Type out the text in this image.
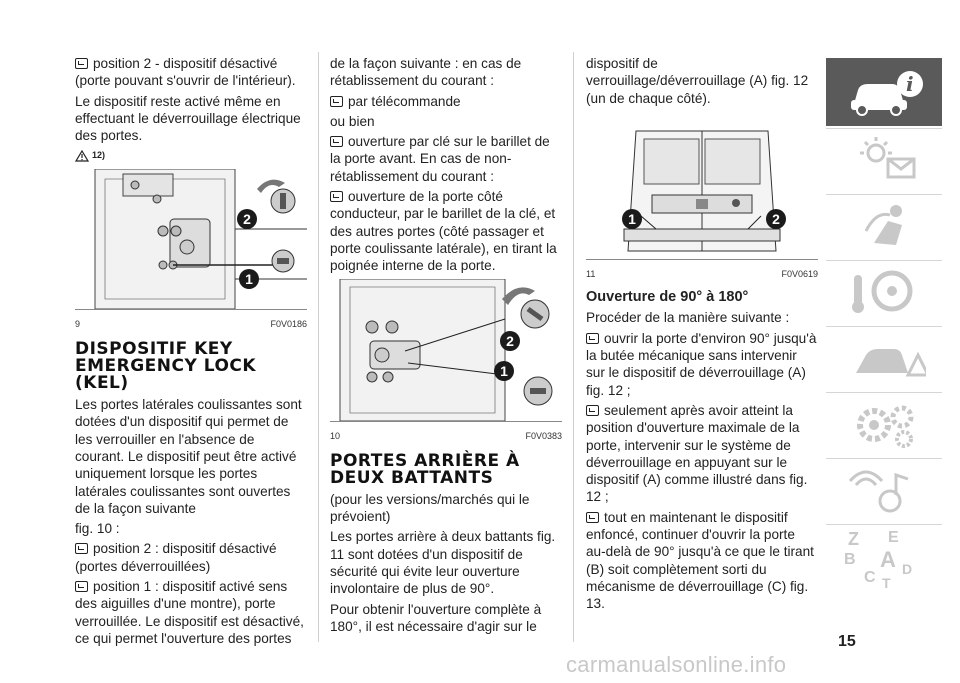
position 2 - dispositif désactivé (porte pouvant s'ouvrir de l'intérieur).

Le dispositif reste activé même en effectuant le déverrouillage électrique des portes.

12)
2
1
9	F0V0186
DISPOSITIF KEY EMERGENCY LOCK (KEL)

Les portes latérales coulissantes sont dotées d'un dispositif qui permet de les verrouiller en l'absence de courant. Le dispositif peut être activé uniquement lorsque les portes latérales coulissantes sont ouvertes de la façon suivante

fig. 10 :

position 2 : dispositif désactivé (portes déverrouillées)

position 1 : dispositif activé sens des aiguilles d'une montre), porte verrouillée. Le dispositif est désactivé, ce qui permet l'ouverture des portes

de la façon suivante : en cas de rétablissement du courant :

par télécommande

ou bien

ouverture par clé sur le barillet de la porte avant. En cas de non-rétablissement du courant :

ouverture de la porte côté conducteur, par le barillet de la clé, et des autres portes (côté passager et porte coulissante latérale), en tirant la poignée interne de la porte.

2
1
10	F0V0383
PORTES ARRIÈRE À DEUX BATTANTS

(pour les versions/marchés qui le prévoient)

Les portes arrière à deux battants fig. 11 sont dotées d'un dispositif de sécurité qui évite leur ouverture involontaire de plus de 90°.

Pour obtenir l'ouverture complète à 180°, il est nécessaire d'agir sur le

dispositif de verrouillage/déverrouillage (A) fig. 12 (un de chaque côté).

1	2
11	F0V0619
Ouverture de 90° à 180°

Procéder de la manière suivante :

ouvrir la porte d'environ 90° jusqu'à la butée mécanique sans intervenir sur le dispositif de déverrouillage (A) fig. 12 ;

seulement après avoir atteint la position d'ouverture maximale de la porte, intervenir sur le système de déverrouillage en appuyant sur le dispositif (A) comme illustré dans fig. 12 ;

tout en maintenant le dispositif enfoncé, continuer d'ouvrir la porte au-delà de 90° jusqu'à ce que le tirant (B) soit complètement sorti du mécanisme de déverrouillage (C) fig. 13.

i
Z E
B A D
C T
15
carmanualsonline.info
